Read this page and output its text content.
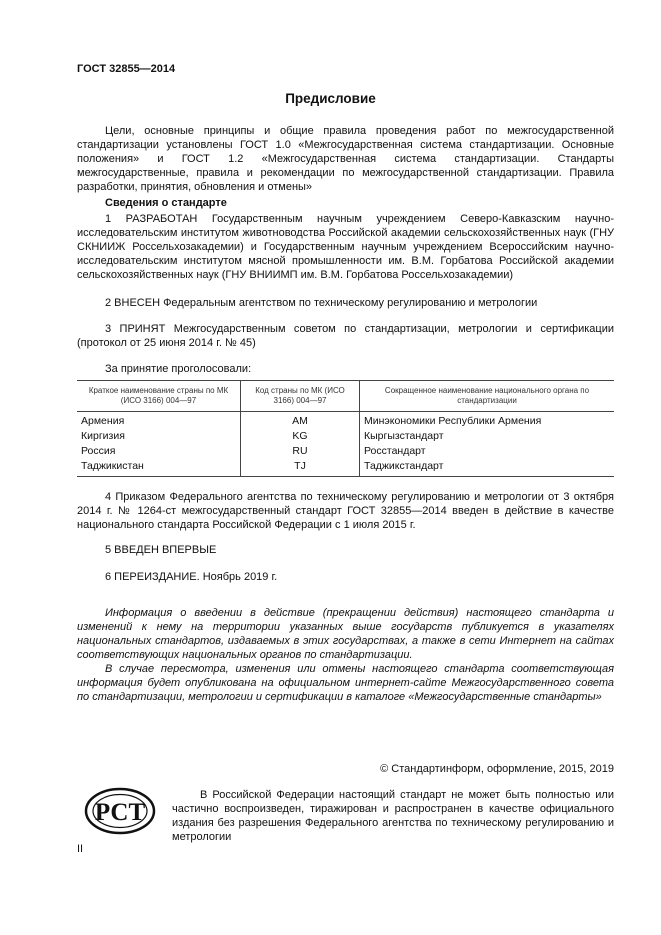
ГОСТ 32855—2014
Предисловие
Цели, основные принципы и общие правила проведения работ по межгосударственной стандартизации установлены ГОСТ 1.0 «Межгосударственная система стандартизации. Основные положения» и ГОСТ 1.2 «Межгосударственная система стандартизации. Стандарты межгосударственные, правила и рекомендации по межгосударственной стандартизации. Правила разработки, принятия, обновления и отмены»
Сведения о стандарте
1 РАЗРАБОТАН Государственным научным учреждением Северо-Кавказским научно-исследовательским институтом животноводства Российской академии сельскохозяйственных наук (ГНУ СКНИИЖ Россельхозакадемии) и Государственным научным учреждением Всероссийским научно-исследовательским институтом мясной промышленности им. В.М. Горбатова Российской академии сельскохозяйственных наук (ГНУ ВНИИМП им. В.М. Горбатова Россельхозакадемии)
2 ВНЕСЕН Федеральным агентством по техническому регулированию и метрологии
3 ПРИНЯТ Межгосударственным советом по стандартизации, метрологии и сертификации (протокол от 25 июня 2014 г. № 45)
За принятие проголосовали:
Краткое наименование страны по МК (ИСО 3166) 004—97	Код страны по МК (ИСО 3166) 004—97	Сокращенное наименование национального органа по стандартизации
Армения	AM	Минэкономики Республики Армения
Киргизия	KG	Кыргызстандарт
Россия	RU	Росстандарт
Таджикистан	TJ	Таджикстандарт
4 Приказом Федерального агентства по техническому регулированию и метрологии от 3 октября 2014 г. № 1264-ст межгосударственный стандарт ГОСТ 32855—2014 введен в действие в качестве национального стандарта Российской Федерации с 1 июля 2015 г.
5 ВВЕДЕН ВПЕРВЫЕ
6 ПЕРЕИЗДАНИЕ. Ноябрь 2019 г.
Информация о введении в действие (прекращении действия) настоящего стандарта и изменений к нему на территории указанных выше государств публикуется в указателях национальных стандартов, издаваемых в этих государствах, а также в сети Интернет на сайтах соответствующих национальных органов по стандартизации.
В случае пересмотра, изменения или отмены настоящего стандарта соответствующая информация будет опубликована на официальном интернет-сайте Межгосударственного совета по стандартизации, метрологии и сертификации в каталоге «Межгосударственные стандарты»
© Стандартинформ, оформление, 2015, 2019
РСТ
В Российской Федерации настоящий стандарт не может быть полностью или частично воспроизведен, тиражирован и распространен в качестве официального издания без разрешения Федерального агентства по техническому регулированию и метрологии
II
